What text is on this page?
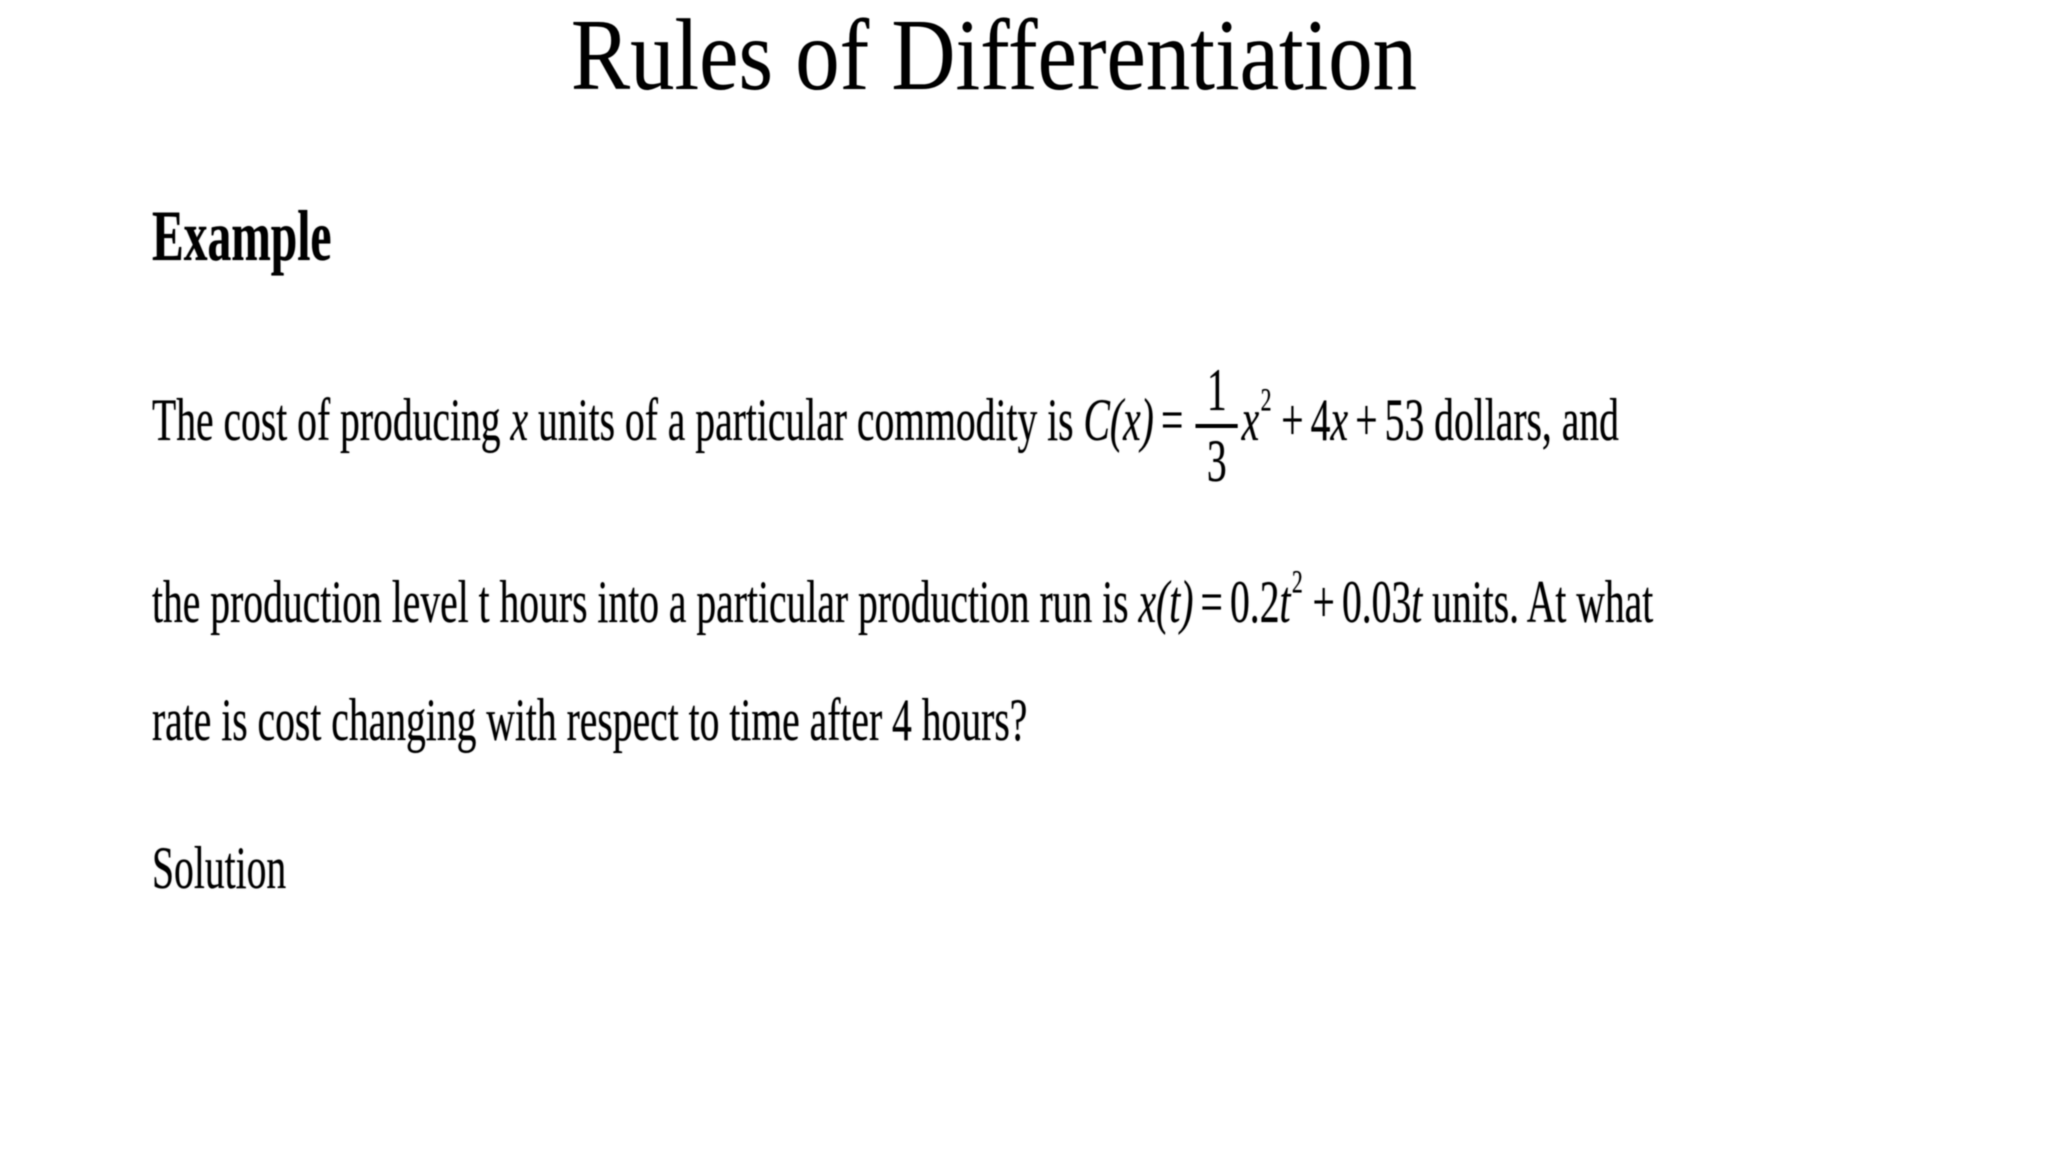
Rules of Differentiation
Example
The cost of producing x units of a particular commodity is $C(x) = \frac{1}{3} x2 + 4x + 53$ dollars, and
the production level t hours into a particular production run is x(t) = 0.2t2 + 0.03t units. At what
rate is cost changing with respect to time after 4 hours?
Solution
